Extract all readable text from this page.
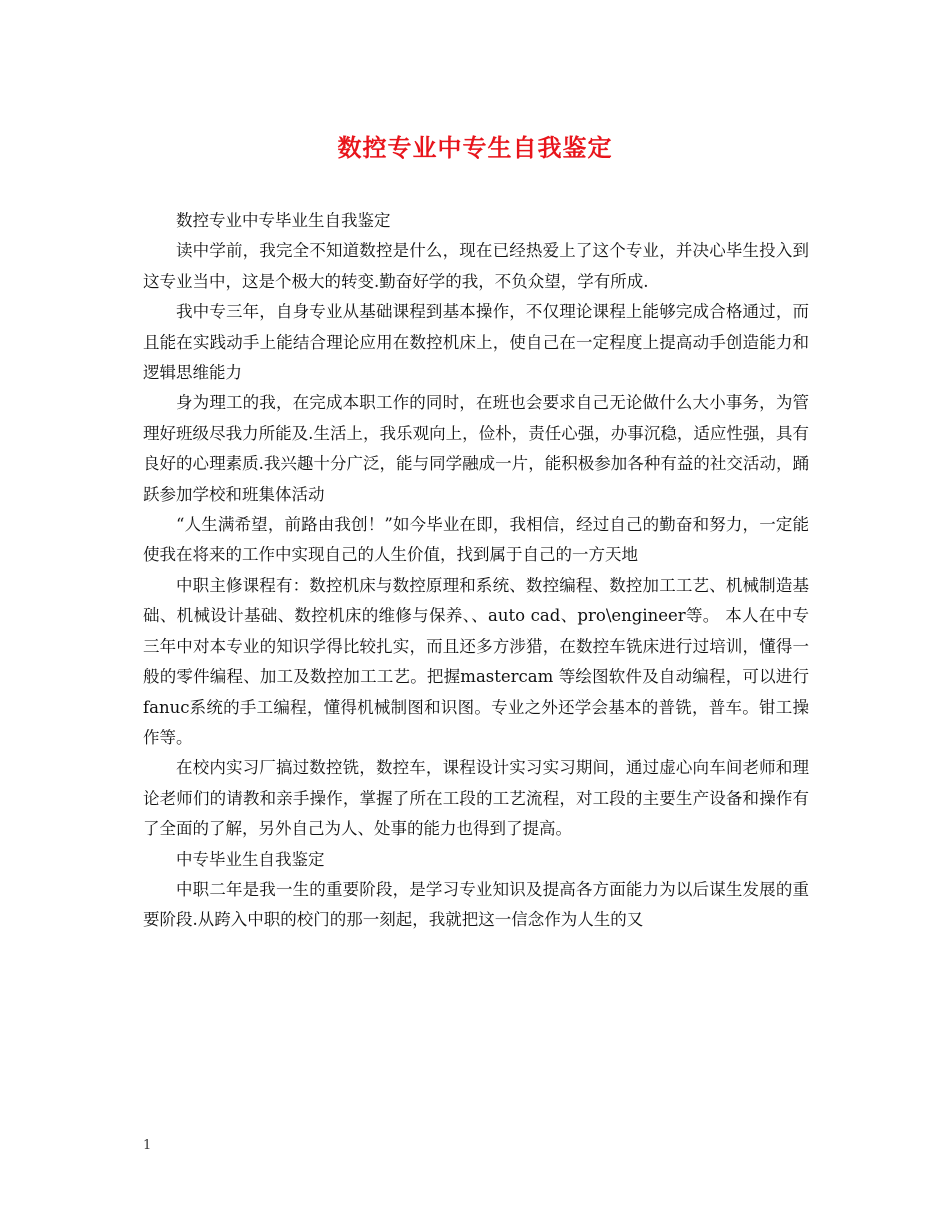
数控专业中专生自我鉴定

数控专业中专毕业生自我鉴定

读中学前，我完全不知道数控是什么，现在已经热爱上了这个专业，并决心毕生投入到这专业当中，这是个极大的转变.勤奋好学的我，不负众望，学有所成.

我中专三年，自身专业从基础课程到基本操作，不仅理论课程上能够完成合格通过，而且能在实践动手上能结合理论应用在数控机床上，使自己在一定程度上提高动手创造能力和逻辑思维能力

身为理工的我，在完成本职工作的同时，在班也会要求自己无论做什么大小事务，为管理好班级尽我力所能及.生活上，我乐观向上，俭朴，责任心强，办事沉稳，适应性强，具有良好的心理素质.我兴趣十分广泛，能与同学融成一片，能积极参加各种有益的社交活动，踊跃参加学校和班集体活动

“人生满希望，前路由我创！”如今毕业在即，我相信，经过自己的勤奋和努力，一定能使我在将来的工作中实现自己的人生价值，找到属于自己的一方天地

中职主修课程有：数控机床与数控原理和系统、数控编程、数控加工工艺、机械制造基础、机械设计基础、数控机床的维修与保养、、auto cad、pro\engineer等。 本人在中专三年中对本专业的知识学得比较扎实，而且还多方涉猎，在数控车铣床进行过培训，懂得一般的零件编程、加工及数控加工工艺。把握mastercam 等绘图软件及自动编程，可以进行fanuc系统的手工编程，懂得机械制图和识图。专业之外还学会基本的普铣，普车。钳工操作等。

在校内实习厂搞过数控铣，数控车，课程设计实习实习期间，通过虚心向车间老师和理论老师们的请教和亲手操作，掌握了所在工段的工艺流程，对工段的主要生产设备和操作有了全面的了解，另外自己为人、处事的能力也得到了提高。

中专毕业生自我鉴定

中职二年是我一生的重要阶段，是学习专业知识及提高各方面能力为以后谋生发展的重要阶段.从跨入中职的校门的那一刻起，我就把这一信念作为人生的又

1
